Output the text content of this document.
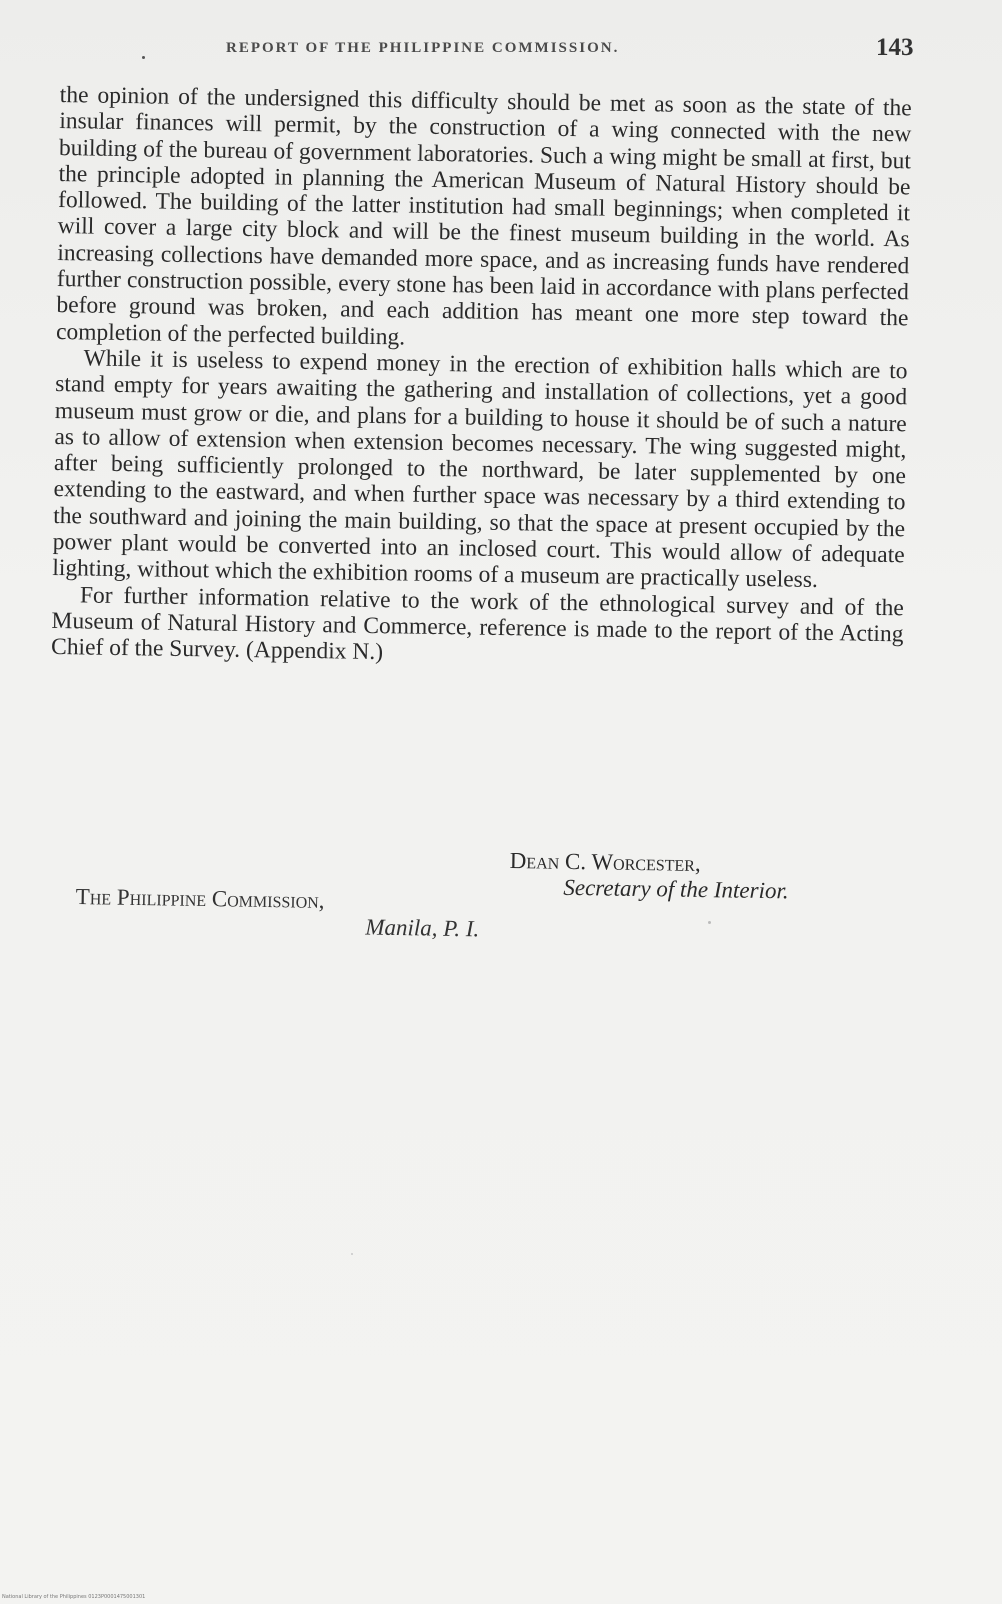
REPORT OF THE PHILIPPINE COMMISSION.	143

the opinion of the undersigned this difficulty should be met as soon as the state of the insular finances will permit, by the construction of a wing connected with the new building of the bureau of government laboratories. Such a wing might be small at first, but the principle adopted in planning the American Museum of Natural History should be followed. The building of the latter institution had small beginnings; when completed it will cover a large city block and will be the finest museum building in the world. As increasing collections have demanded more space, and as increasing funds have rendered further construction possible, every stone has been laid in accordance with plans perfected before ground was broken, and each addition has meant one more step toward the completion of the perfected building.

While it is useless to expend money in the erection of exhibition halls which are to stand empty for years awaiting the gathering and installation of collections, yet a good museum must grow or die, and plans for a building to house it should be of such a nature as to allow of extension when extension becomes necessary. The wing suggested might, after being sufficiently prolonged to the northward, be later supplemented by one extending to the eastward, and when further space was necessary by a third extending to the southward and joining the main building, so that the space at present occupied by the power plant would be converted into an inclosed court. This would allow of adequate lighting, without which the exhibition rooms of a museum are practically useless.

For further information relative to the work of the ethnological survey and of the Museum of Natural History and Commerce, reference is made to the report of the Acting Chief of the Survey. (Appendix N.)

Dean C. Worcester,
Secretary of the Interior.
The Philippine Commission,
Manila, P. I.
National Library of the Philippines 0123P0001475001301
